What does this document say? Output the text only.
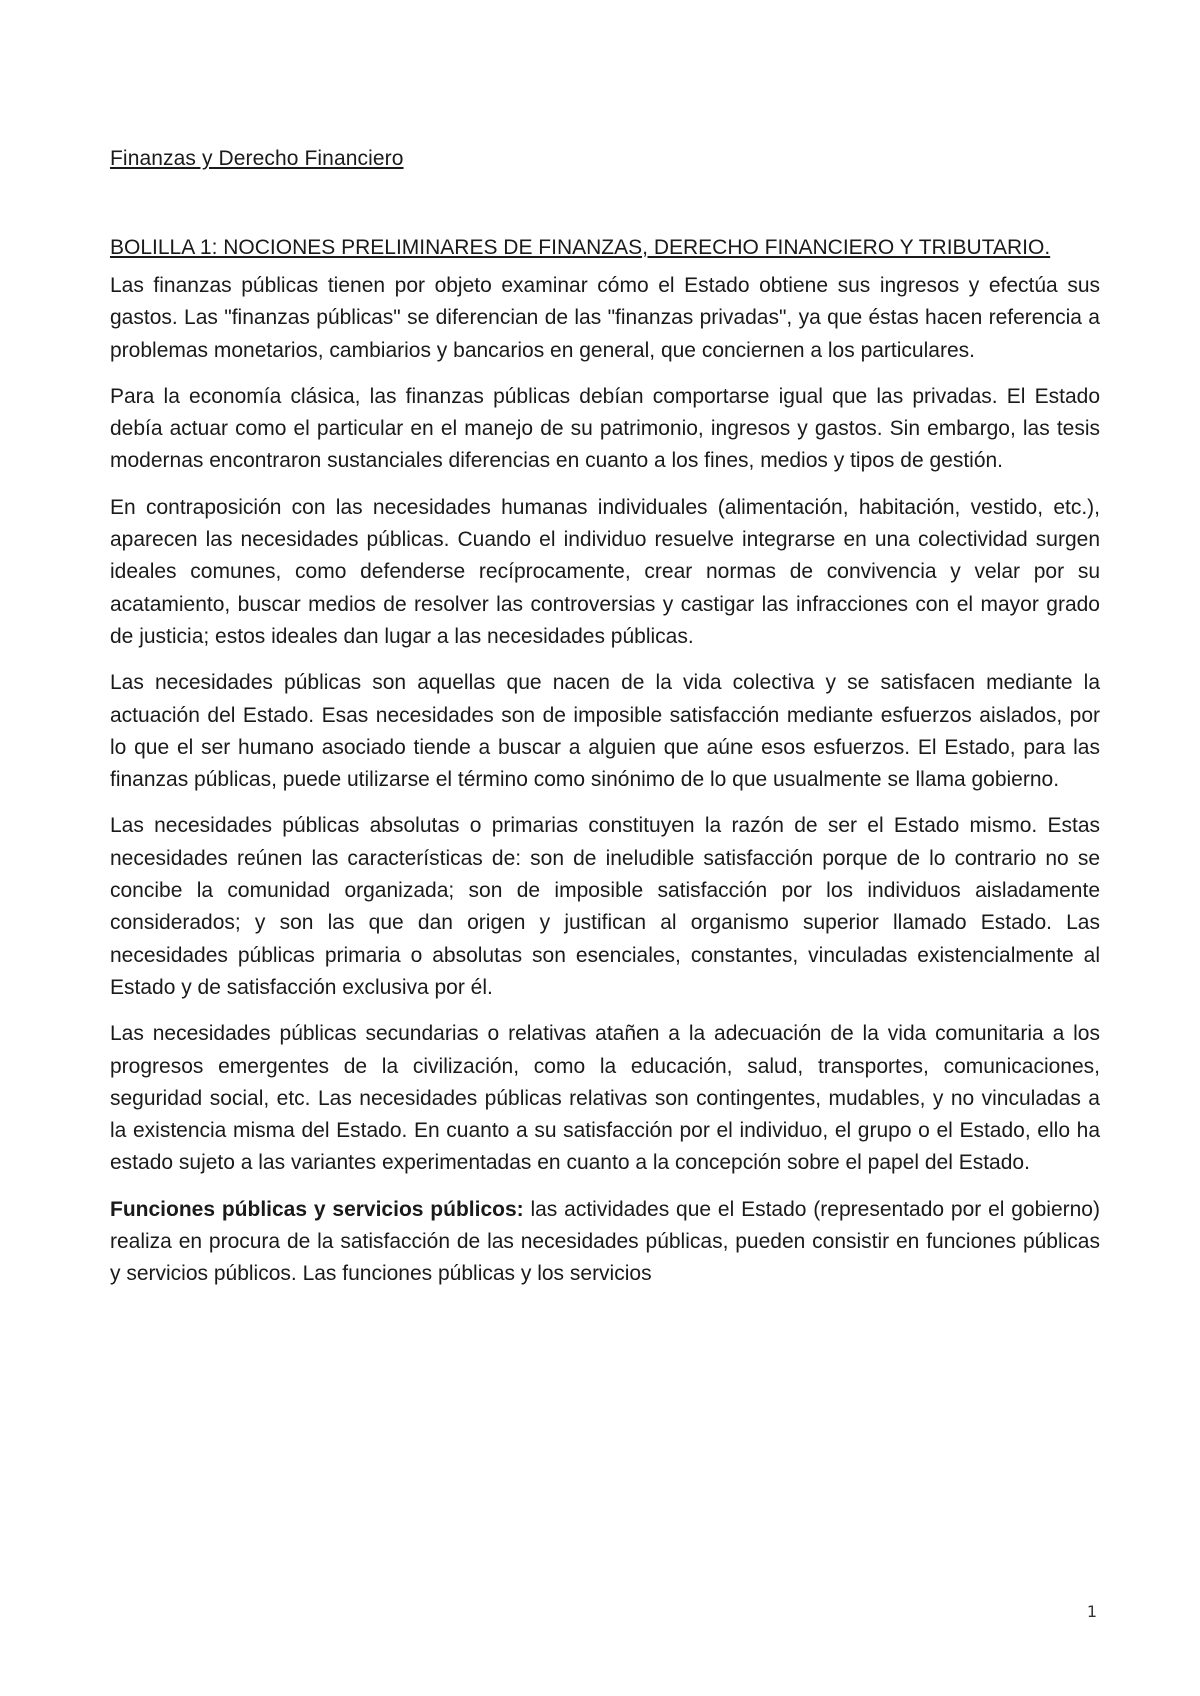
Finanzas y Derecho Financiero
BOLILLA 1: NOCIONES PRELIMINARES DE FINANZAS, DERECHO FINANCIERO Y TRIBUTARIO.

Las finanzas públicas tienen por objeto examinar cómo el Estado obtiene sus ingresos y efectúa sus gastos. Las "finanzas públicas" se diferencian de las "finanzas privadas", ya que éstas hacen referencia a problemas monetarios, cambiarios y bancarios en general, que conciernen a los particulares.

Para la economía clásica, las finanzas públicas debían comportarse igual que las privadas. El Estado debía actuar como el particular en el manejo de su patrimonio, ingresos y gastos. Sin embargo, las tesis modernas encontraron sustanciales diferencias en cuanto a los fines, medios y tipos de gestión.

En contraposición con las necesidades humanas individuales (alimentación, habitación, vestido, etc.), aparecen las necesidades públicas. Cuando el individuo resuelve integrarse en una colectividad surgen ideales comunes, como defenderse recíprocamente, crear normas de convivencia y velar por su acatamiento, buscar medios de resolver las controversias y castigar las infracciones con el mayor grado de justicia; estos ideales dan lugar a las necesidades públicas.

Las necesidades públicas son aquellas que nacen de la vida colectiva y se satisfacen mediante la actuación del Estado. Esas necesidades son de imposible satisfacción mediante esfuerzos aislados, por lo que el ser humano asociado tiende a buscar a alguien que aúne esos esfuerzos. El Estado, para las finanzas públicas, puede utilizarse el término como sinónimo de lo que usualmente se llama gobierno.

Las necesidades públicas absolutas o primarias constituyen la razón de ser el Estado mismo. Estas necesidades reúnen las características de: son de ineludible satisfacción porque de lo contrario no se concibe la comunidad organizada; son de imposible satisfacción por los individuos aisladamente considerados; y son las que dan origen y justifican al organismo superior llamado Estado. Las necesidades públicas primaria o absolutas son esenciales, constantes, vinculadas existencialmente al Estado y de satisfacción exclusiva por él.

Las necesidades públicas secundarias o relativas atañen a la adecuación de la vida comunitaria a los progresos emergentes de la civilización, como la educación, salud, transportes, comunicaciones, seguridad social, etc. Las necesidades públicas relativas son contingentes, mudables, y no vinculadas a la existencia misma del Estado. En cuanto a su satisfacción por el individuo, el grupo o el Estado, ello ha estado sujeto a las variantes experimentadas en cuanto a la concepción sobre el papel del Estado.

Funciones públicas y servicios públicos: las actividades que el Estado (representado por el gobierno) realiza en procura de la satisfacción de las necesidades públicas, pueden consistir en funciones públicas y servicios públicos. Las funciones públicas y los servicios

1
